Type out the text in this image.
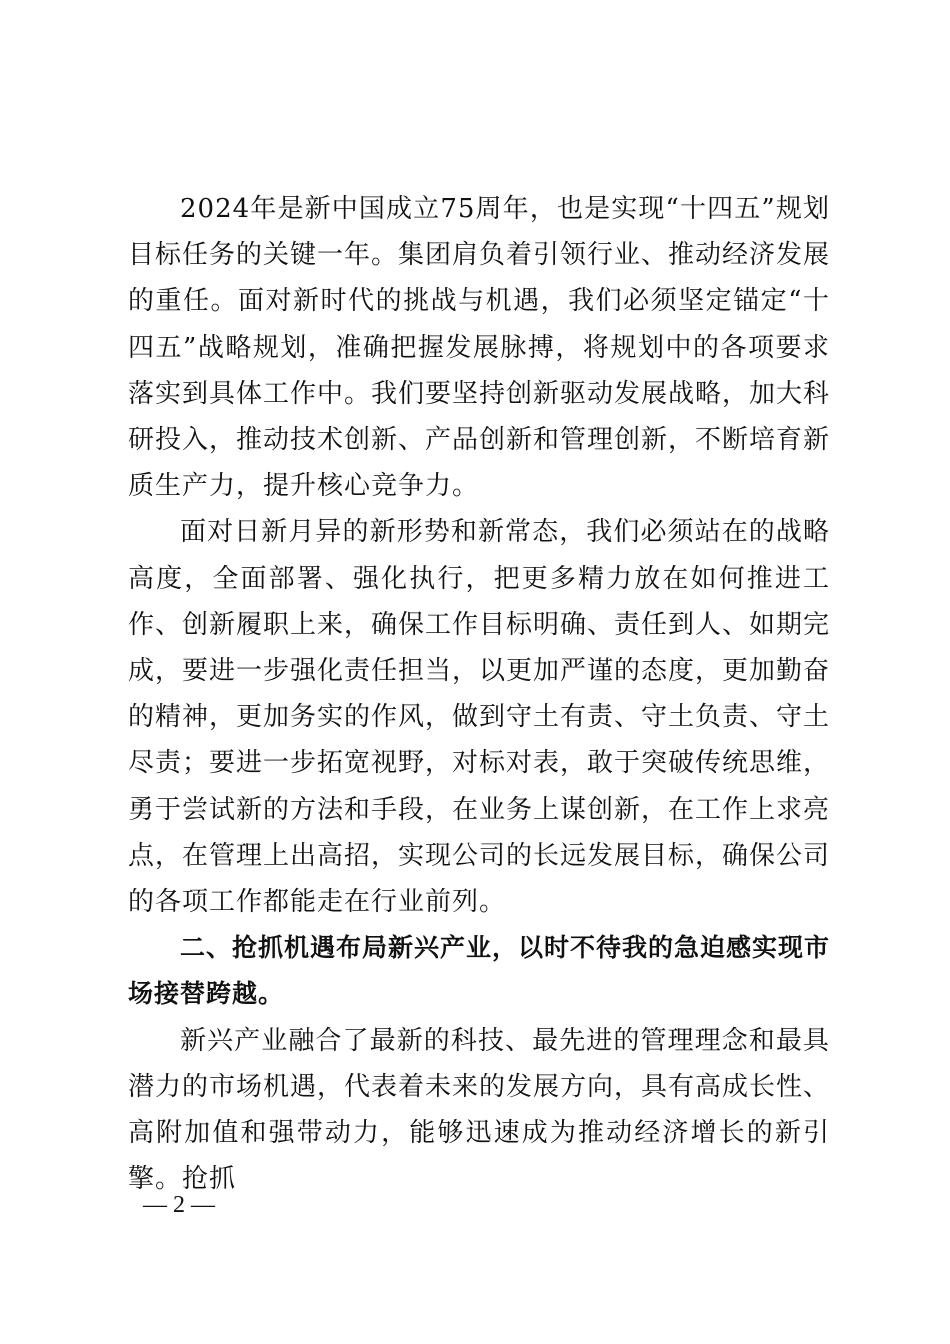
2024年是新中国成立75周年，也是实现“十四五”规划目标任务的关键一年。集团肩负着引领行业、推动经济发展的重任。面对新时代的挑战与机遇，我们必须坚定锚定“十四五”战略规划，准确把握发展脉搏，将规划中的各项要求落实到具体工作中。我们要坚持创新驱动发展战略，加大科研投入，推动技术创新、产品创新和管理创新，不断培育新质生产力，提升核心竞争力。

面对日新月异的新形势和新常态，我们必须站在的战略高度，全面部署、强化执行，把更多精力放在如何推进工作、创新履职上来，确保工作目标明确、责任到人、如期完成，要进一步强化责任担当，以更加严谨的态度，更加勤奋的精神，更加务实的作风，做到守土有责、守土负责、守土尽责；要进一步拓宽视野，对标对表，敢于突破传统思维，勇于尝试新的方法和手段，在业务上谋创新，在工作上求亮点，在管理上出高招，实现公司的长远发展目标，确保公司的各项工作都能走在行业前列。

二、抢抓机遇布局新兴产业，以时不待我的急迫感实现市场接替跨越。

新兴产业融合了最新的科技、最先进的管理理念和最具潜力的市场机遇，代表着未来的发展方向，具有高成长性、高附加值和强带动力，能够迅速成为推动经济增长的新引擎。抢抓

— 2 —
